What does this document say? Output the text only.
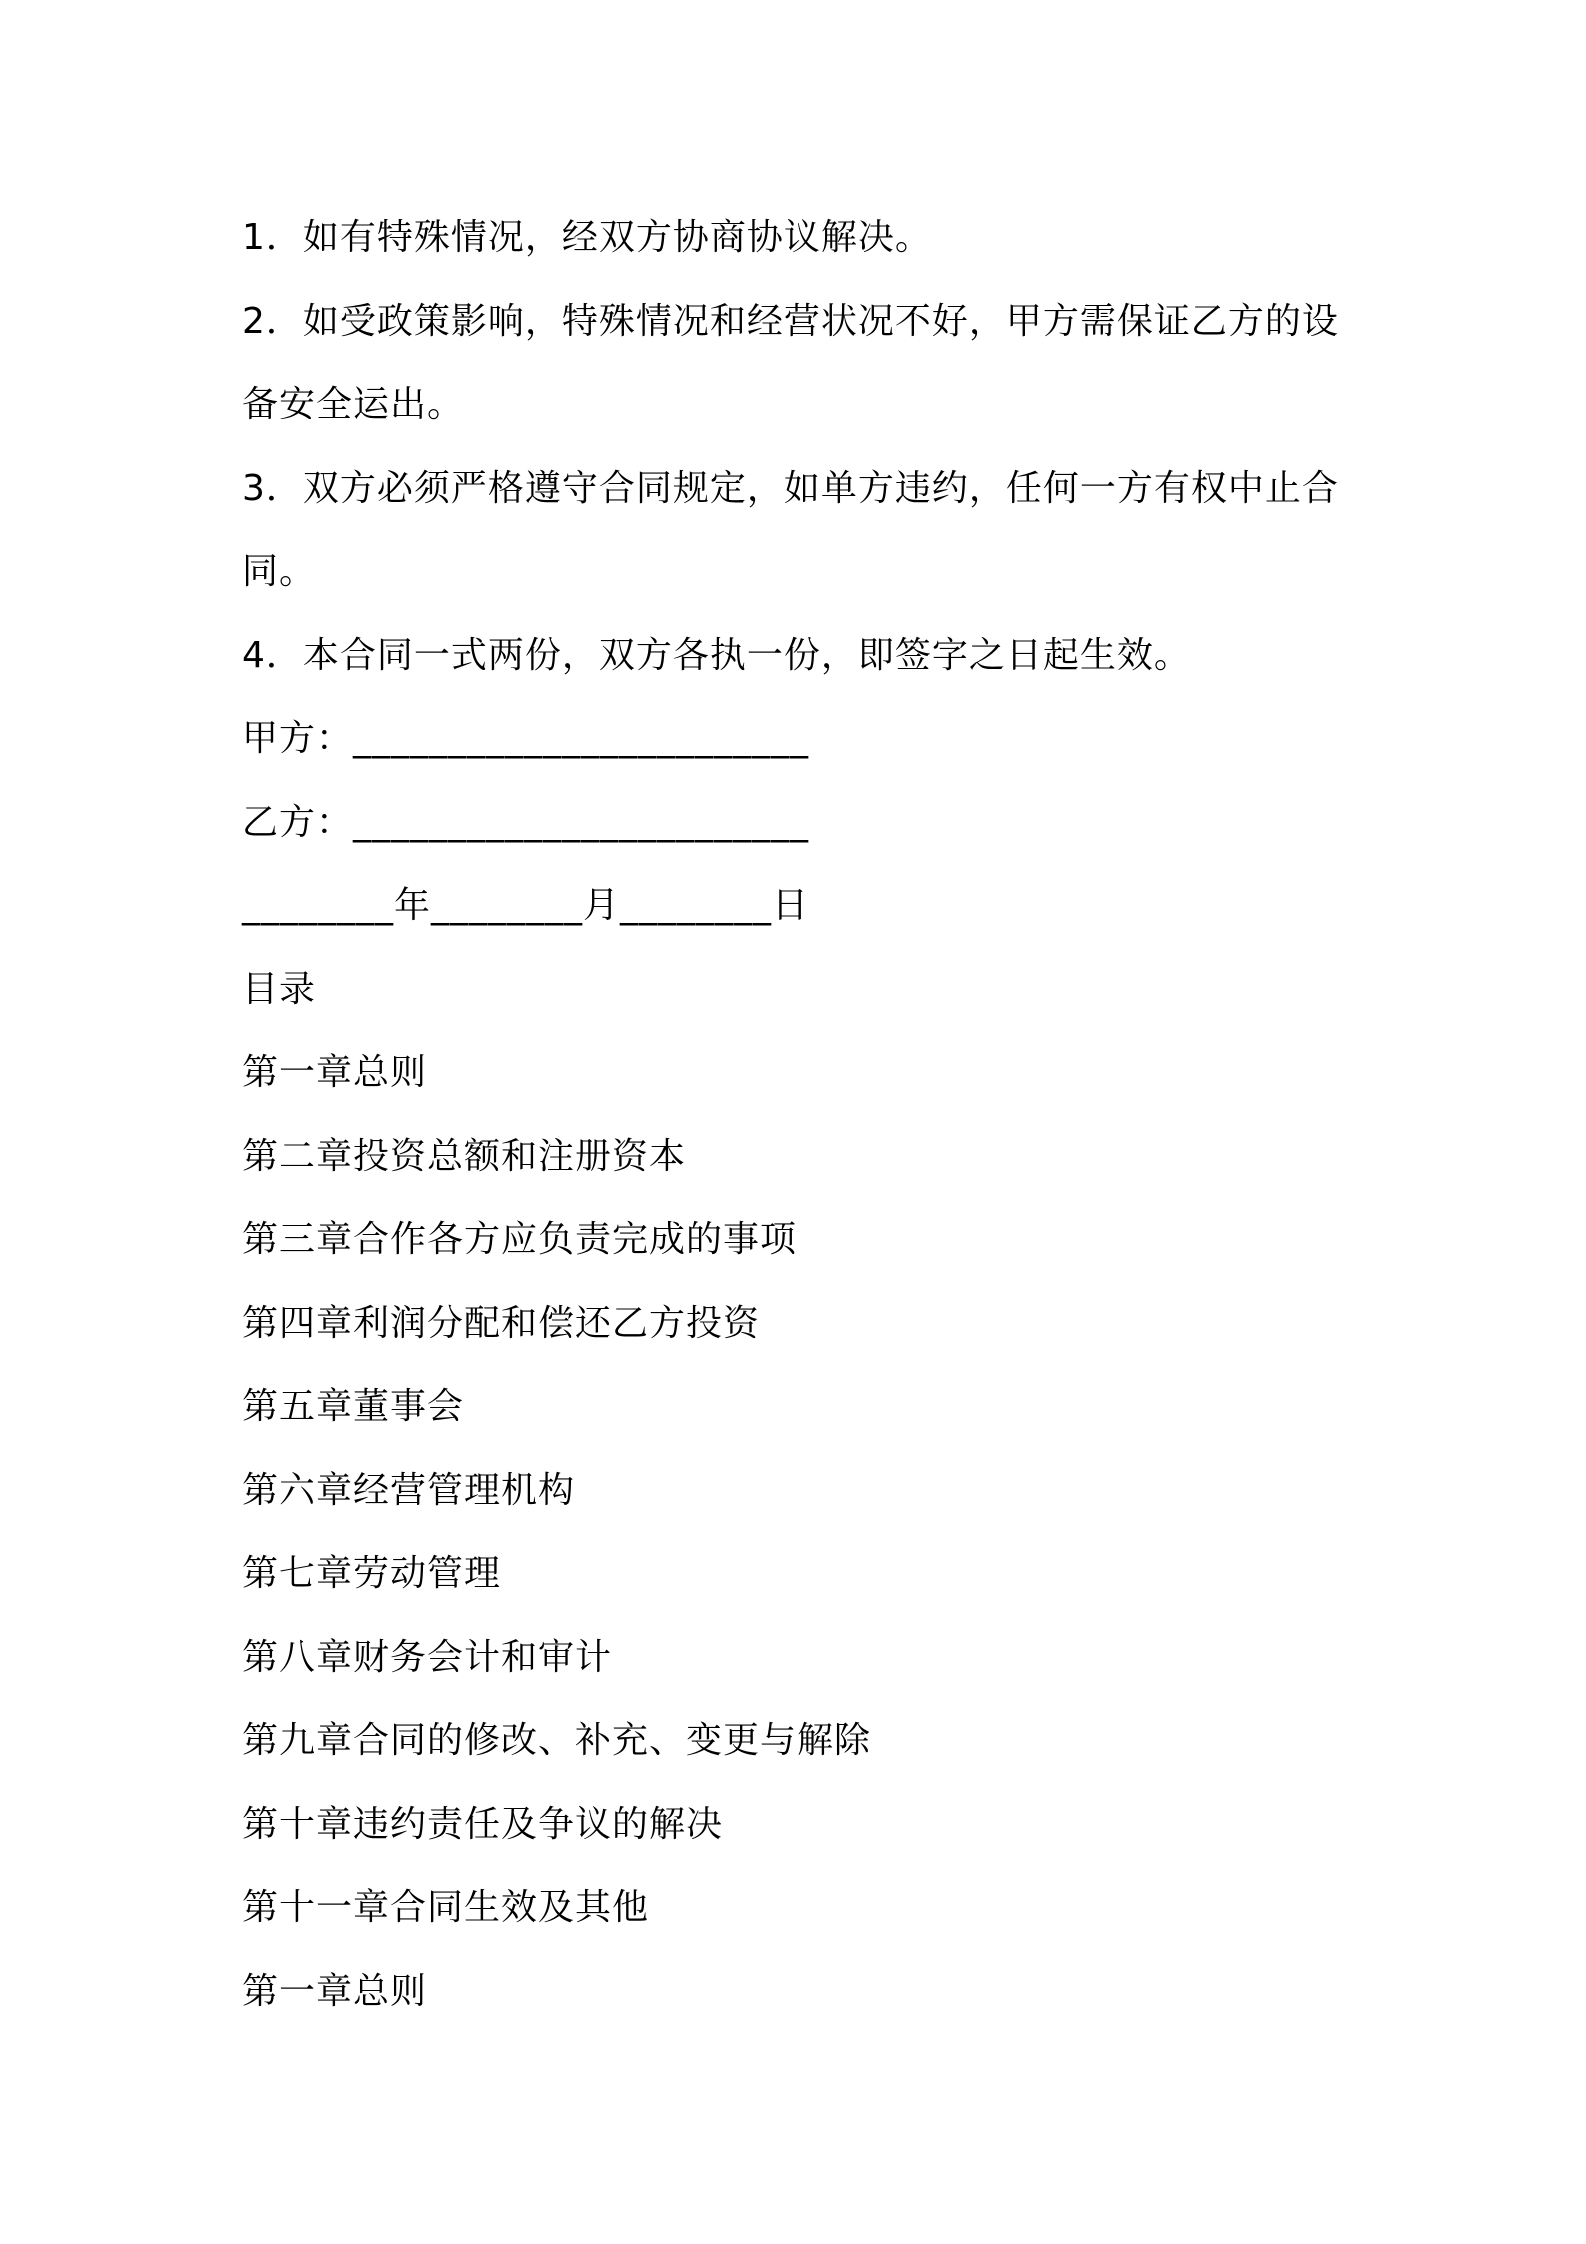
1．如有特殊情况，经双方协商协议解决。
2．如受政策影响，特殊情况和经营状况不好，甲方需保证乙方的设
备安全运出。
3．双方必须严格遵守合同规定，如单方违约，任何一方有权中止合
同。
4．本合同一式两份，双方各执一份，即签字之日起生效。
甲方：________________________
乙方：________________________
________年________月________日
目录
第一章总则
第二章投资总额和注册资本
第三章合作各方应负责完成的事项
第四章利润分配和偿还乙方投资
第五章董事会
第六章经营管理机构
第七章劳动管理
第八章财务会计和审计
第九章合同的修改、补充、变更与解除
第十章违约责任及争议的解决
第十一章合同生效及其他
第一章总则
